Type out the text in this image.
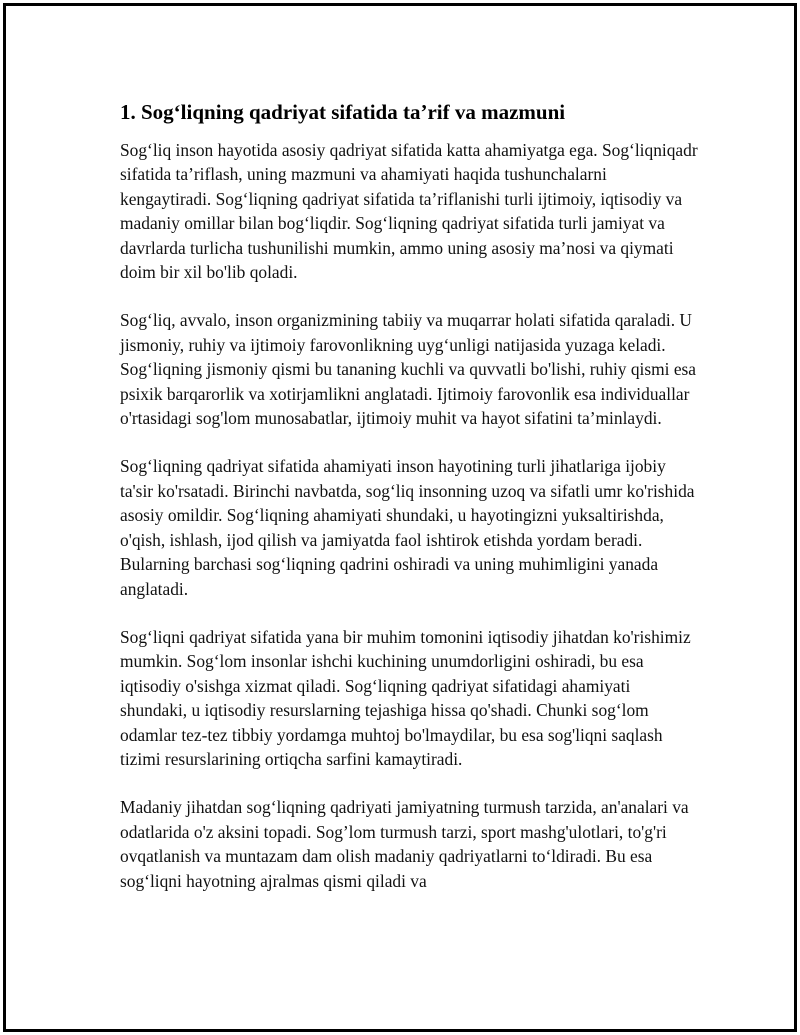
1. Sog‘liqning qadriyat sifatida ta’rif va mazmuni

Sog‘liq inson hayotida asosiy qadriyat sifatida katta ahamiyatga ega. Sog‘liqniqadr sifatida ta’riflash, uning mazmuni va ahamiyati haqida tushunchalarni kengaytiradi. Sog‘liqning qadriyat sifatida ta’riflanishi turli ijtimoiy, iqtisodiy va madaniy omillar bilan bog‘liqdir. Sog‘liqning qadriyat sifatida turli jamiyat va davrlarda turlicha tushunilishi mumkin, ammo uning asosiy ma’nosi va qiymati doim bir xil bo'lib qoladi.

Sog‘liq, avvalo, inson organizmining tabiiy va muqarrar holati sifatida qaraladi. U jismoniy, ruhiy va ijtimoiy farovonlikning uyg‘unligi natijasida yuzaga keladi. Sog‘liqning jismoniy qismi bu tananing kuchli va quvvatli bo'lishi, ruhiy qismi esa psixik barqarorlik va xotirjamlikni anglatadi. Ijtimoiy farovonlik esa individuallar o'rtasidagi sog'lom munosabatlar, ijtimoiy muhit va hayot sifatini ta’minlaydi.

Sog‘liqning qadriyat sifatida ahamiyati inson hayotining turli jihatlariga ijobiy ta'sir ko'rsatadi. Birinchi navbatda, sog‘liq insonning uzoq va sifatli umr ko'rishida asosiy omildir. Sog‘liqning ahamiyati shundaki, u hayotingizni yuksaltirishda, o'qish, ishlash, ijod qilish va jamiyatda faol ishtirok etishda yordam beradi. Bularning barchasi sog‘liqning qadrini oshiradi va uning muhimligini yanada anglatadi.

Sog‘liqni qadriyat sifatida yana bir muhim tomonini iqtisodiy jihatdan ko'rishimiz mumkin. Sog‘lom insonlar ishchi kuchining unumdorligini oshiradi, bu esa iqtisodiy o'sishga xizmat qiladi. Sog‘liqning qadriyat sifatidagi ahamiyati shundaki, u iqtisodiy resurslarning tejashiga hissa qo'shadi. Chunki sog‘lom odamlar tez-tez tibbiy yordamga muhtoj bo'lmaydilar, bu esa sog'liqni saqlash tizimi resurslarining ortiqcha sarfini kamaytiradi.

Madaniy jihatdan sog‘liqning qadriyati jamiyatning turmush tarzida, an'analari va odatlarida o'z aksini topadi. Sog’lom turmush tarzi, sport mashg'ulotlari, to'g'ri ovqatlanish va muntazam dam olish madaniy qadriyatlarni to‘ldiradi. Bu esa sog‘liqni hayotning ajralmas qismi qiladi va
